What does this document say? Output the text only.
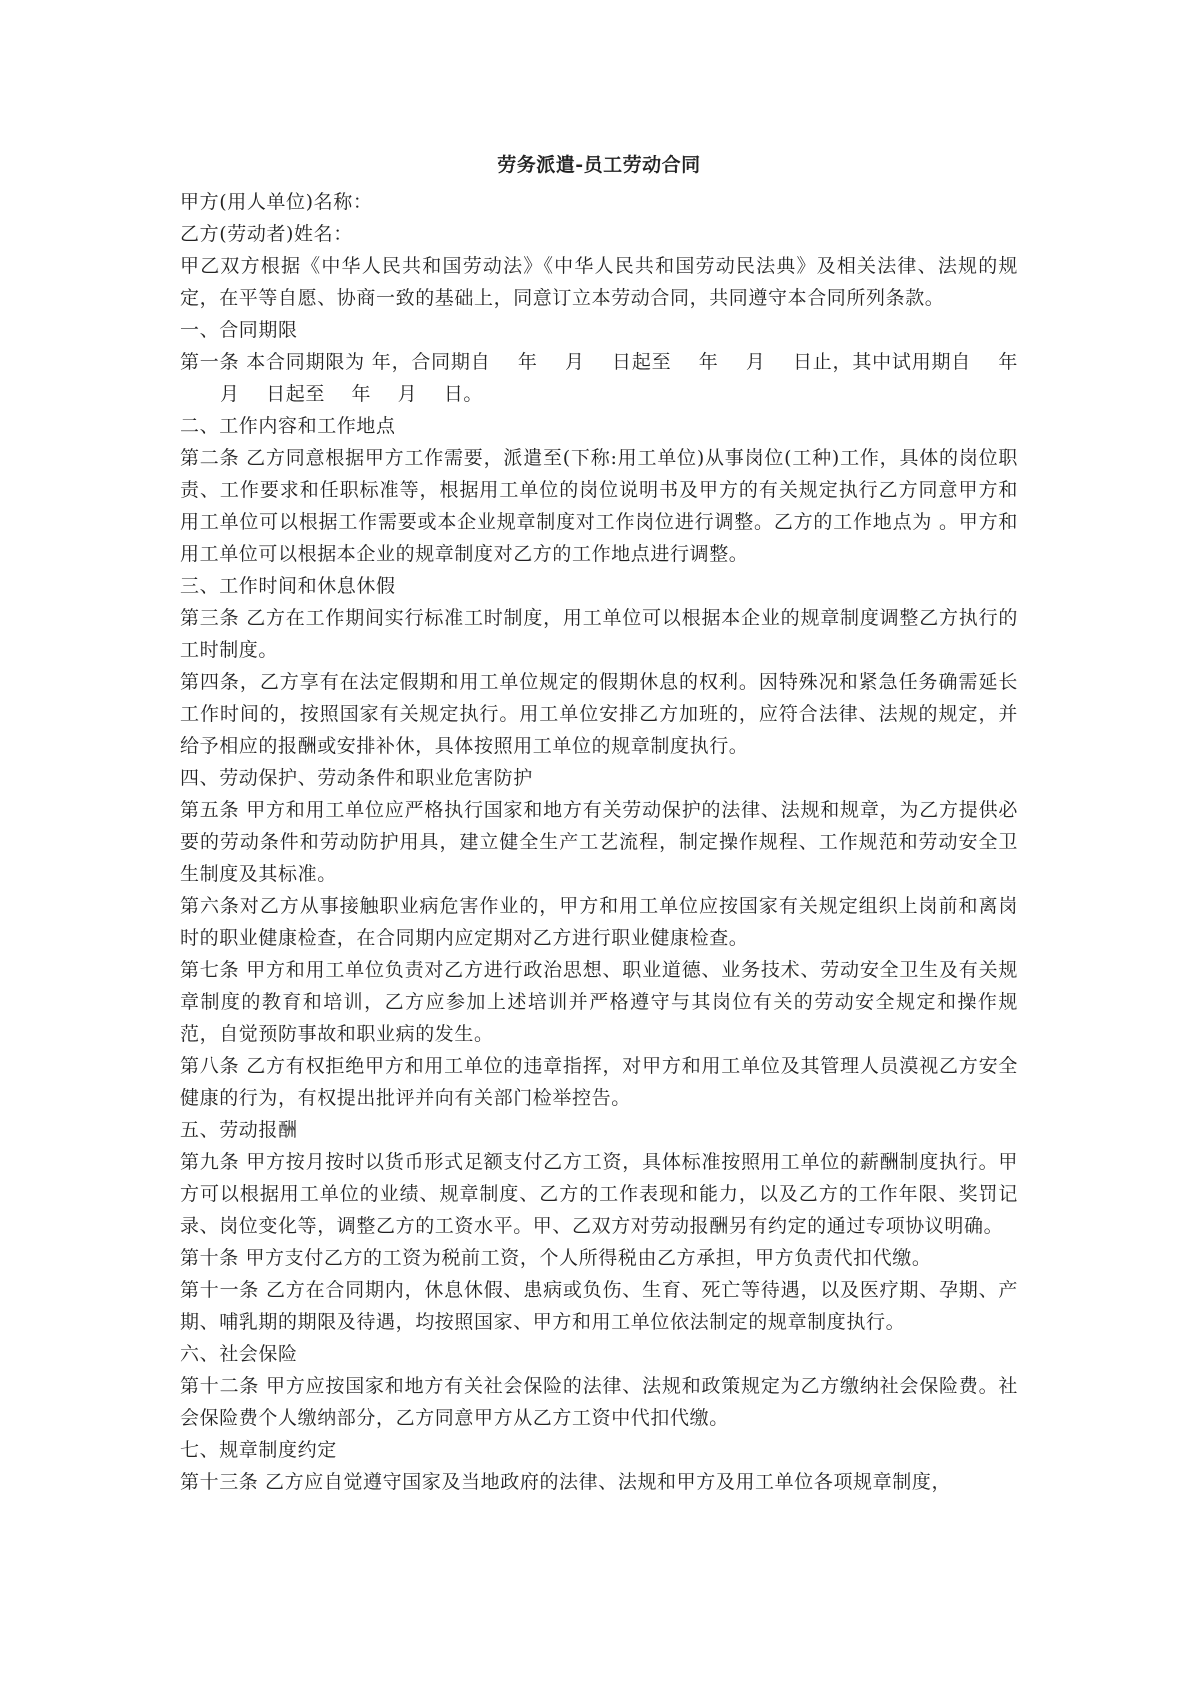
劳务派遣-员工劳动合同

甲方(用人单位)名称：

乙方(劳动者)姓名：

甲乙双方根据《中华人民共和国劳动法》《中华人民共和国劳动民法典》及相关法律、法规的规定，在平等自愿、协商一致的基础上，同意订立本劳动合同，共同遵守本合同所列条款。

一、合同期限

第一条 本合同期限为 年，合同期自    年    月    日起至    年    月    日止，其中试用期自    年月    日起至    年    月    日。

二、工作内容和工作地点

第二条 乙方同意根据甲方工作需要，派遣至(下称:用工单位)从事岗位(工种)工作，具体的岗位职责、工作要求和任职标准等，根据用工单位的岗位说明书及甲方的有关规定执行乙方同意甲方和用工单位可以根据工作需要或本企业规章制度对工作岗位进行调整。乙方的工作地点为 。甲方和用工单位可以根据本企业的规章制度对乙方的工作地点进行调整。

三、工作时间和休息休假

第三条 乙方在工作期间实行标准工时制度，用工单位可以根据本企业的规章制度调整乙方执行的工时制度。

第四条，乙方享有在法定假期和用工单位规定的假期休息的权利。因特殊况和紧急任务确需延长工作时间的，按照国家有关规定执行。用工单位安排乙方加班的，应符合法律、法规的规定，并给予相应的报酬或安排补休，具体按照用工单位的规章制度执行。

四、劳动保护、劳动条件和职业危害防护

第五条 甲方和用工单位应严格执行国家和地方有关劳动保护的法律、法规和规章，为乙方提供必要的劳动条件和劳动防护用具，建立健全生产工艺流程，制定操作规程、工作规范和劳动安全卫生制度及其标准。

第六条对乙方从事接触职业病危害作业的，甲方和用工单位应按国家有关规定组织上岗前和离岗时的职业健康检查，在合同期内应定期对乙方进行职业健康检查。

第七条 甲方和用工单位负责对乙方进行政治思想、职业道德、业务技术、劳动安全卫生及有关规章制度的教育和培训，乙方应参加上述培训并严格遵守与其岗位有关的劳动安全规定和操作规范，自觉预防事故和职业病的发生。

第八条 乙方有权拒绝甲方和用工单位的违章指挥，对甲方和用工单位及其管理人员漠视乙方安全健康的行为，有权提出批评并向有关部门检举控告。

五、劳动报酬

第九条 甲方按月按时以货币形式足额支付乙方工资，具体标准按照用工单位的薪酬制度执行。甲方可以根据用工单位的业绩、规章制度、乙方的工作表现和能力，以及乙方的工作年限、奖罚记录、岗位变化等，调整乙方的工资水平。甲、乙双方对劳动报酬另有约定的通过专项协议明确。

第十条 甲方支付乙方的工资为税前工资，个人所得税由乙方承担，甲方负责代扣代缴。

第十一条 乙方在合同期内，休息休假、患病或负伤、生育、死亡等待遇，以及医疗期、孕期、产期、哺乳期的期限及待遇，均按照国家、甲方和用工单位依法制定的规章制度执行。

六、社会保险

第十二条 甲方应按国家和地方有关社会保险的法律、法规和政策规定为乙方缴纳社会保险费。社会保险费个人缴纳部分，乙方同意甲方从乙方工资中代扣代缴。

七、规章制度约定

第十三条 乙方应自觉遵守国家及当地政府的法律、法规和甲方及用工单位各项规章制度，
